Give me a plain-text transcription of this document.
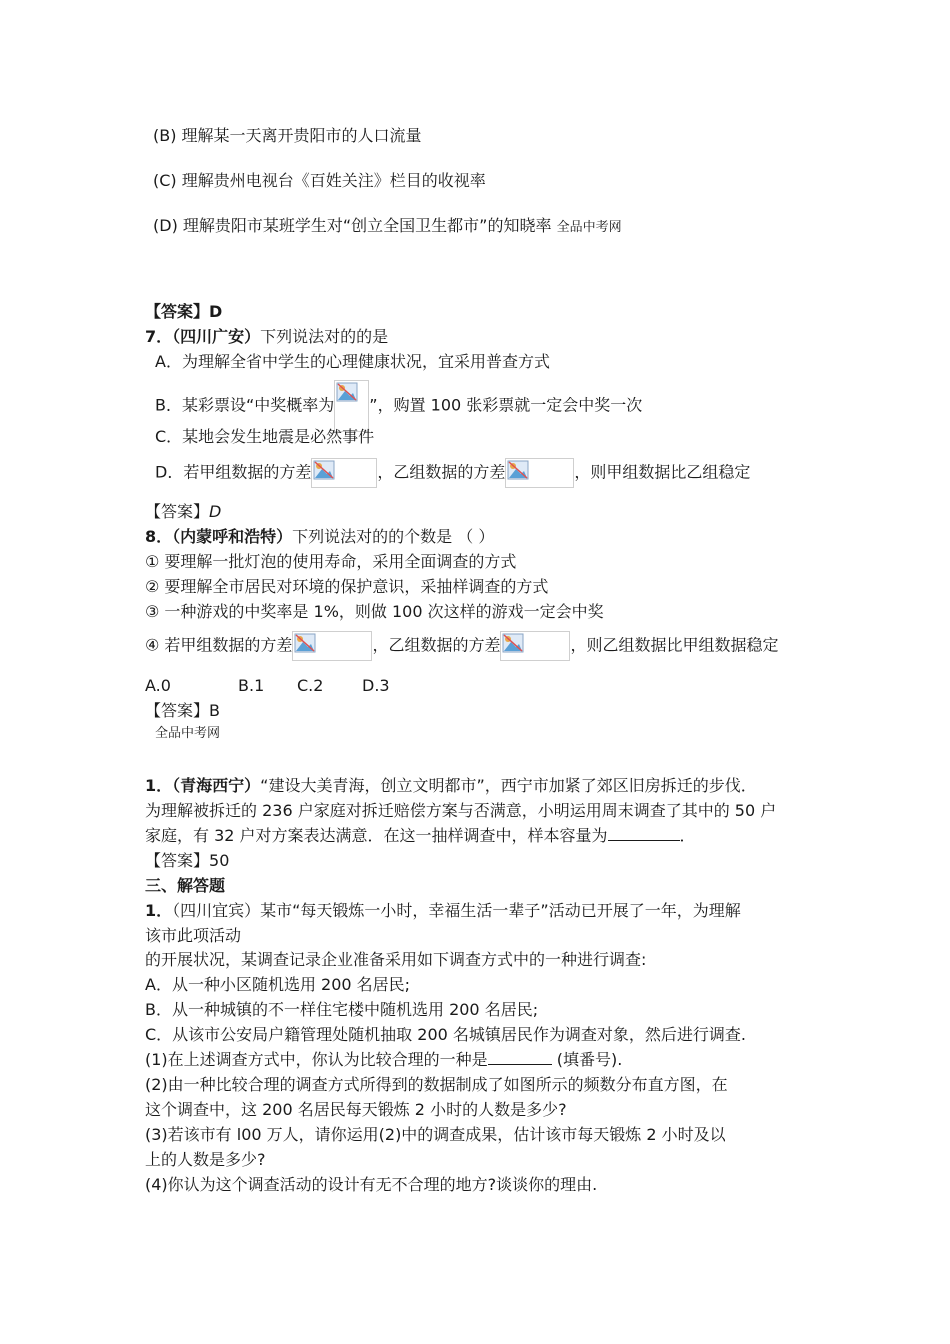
(B) 理解某一天离开贵阳市的人口流量
(C) 理解贵州电视台《百姓关注》栏目的收视率
(D) 理解贵阳市某班学生对“创立全国卫生都市”的知晓率 全品中考网
【答案】D
7．（四川广安）下列说法对的的是
A．为理解全省中学生的心理健康状况，宜采用普查方式
B．某彩票设“中奖概率为 ”，购置 100 张彩票就一定会中奖一次
C．某地会发生地震是必然事件
D．若甲组数据的方差	，乙组数据的方差	，则甲组数据比乙组稳定
【答案】D
8．（内蒙呼和浩特）下列说法对的的个数是 （ ）
① 要理解一批灯泡的使用寿命，采用全面调查的方式
② 要理解全市居民对环境的保护意识，采抽样调查的方式
③ 一种游戏的中奖率是 1%，则做 100 次这样的游戏一定会中奖
④ 若甲组数据的方差	，乙组数据的方差	，则乙组数据比甲组数据稳定
A.0	B.1 C.2 D.3
【答案】B
全品中考网
1．（青海西宁）“建设大美青海，创立文明都市”，西宁市加紧了郊区旧房拆迁的步伐．
为理解被拆迁的 236 户家庭对拆迁赔偿方案与否满意，小明运用周末调查了其中的 50 户
家庭，有 32 户对方案表达满意．在这一抽样调查中，样本容量为	．
【答案】50
三、解答题
1．（四川宜宾）某市“每天锻炼一小时，幸福生活一辈子”活动已开展了一年，为理解
该市此项活动
的开展状况，某调查记录企业准备采用如下调查方式中的一种进行调查:
A．从一种小区随机选用 200 名居民;
B．从一种城镇的不一样住宅楼中随机选用 200 名居民;
C．从该市公安局户籍管理处随机抽取 200 名城镇居民作为调查对象，然后进行调查.
(1)在上述调查方式中，你认为比较合理的一种是	(填番号).
(2)由一种比较合理的调查方式所得到的数据制成了如图所示的频数分布直方图，在
这个调查中，这 200 名居民每天锻炼 2 小时的人数是多少?
(3)若该市有 l00 万人，请你运用(2)中的调查成果，估计该市每天锻炼 2 小时及以
上的人数是多少?
(4)你认为这个调查活动的设计有无不合理的地方?谈谈你的理由.
